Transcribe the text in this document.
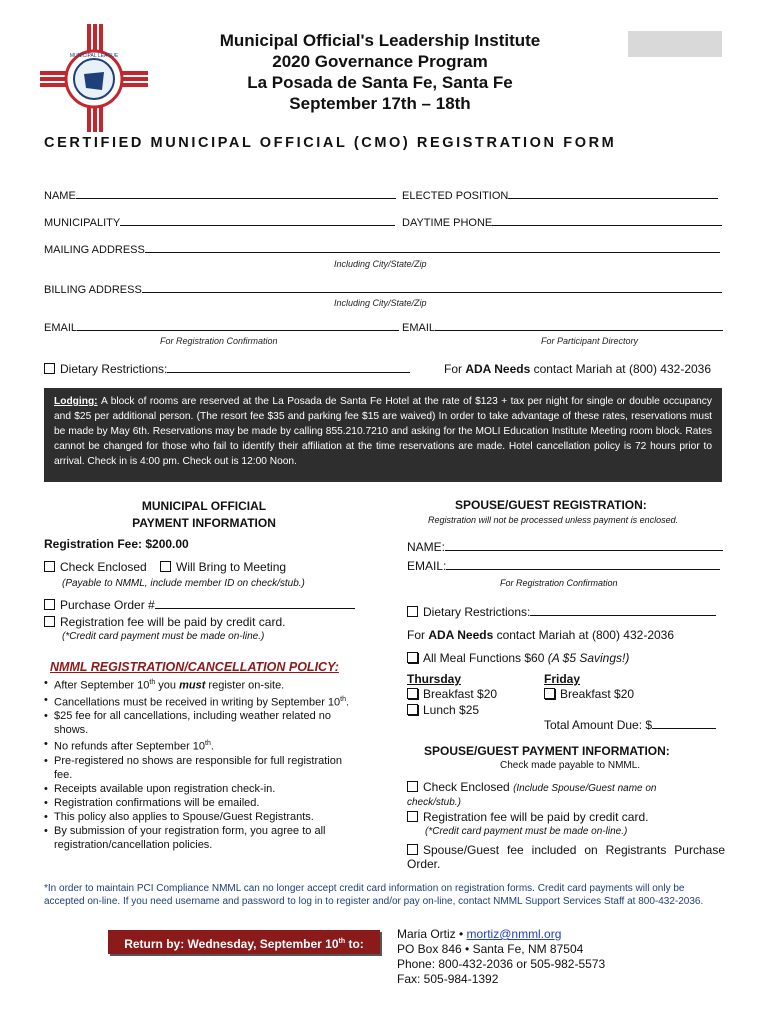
MUNICIPAL LEAGUE
Municipal Official's Leadership Institute
2020 Governance Program
La Posada de Santa Fe, Santa Fe
September 17th – 18th
CERTIFIED MUNICIPAL OFFICIAL (CMO) REGISTRATION FORM
NAME	ELECTED POSITION
MUNICIPALITY	DAYTIME PHONE
MAILING ADDRESS
Including City/State/Zip
BILLING ADDRESS
Including City/State/Zip
EMAIL
For Registration Confirmation
EMAIL
For Participant Directory
Dietary Restrictions:	For ADA Needs contact Mariah at (800) 432-2036
Lodging: A block of rooms are reserved at the La Posada de Santa Fe Hotel at the rate of $123 + tax per night for single or double occupancy and $25 per additional person. (The resort fee $35 and parking fee $15 are waived) In order to take advantage of these rates, reservations must be made by May 6th. Reservations may be made by calling 855.210.7210 and asking for the MOLI Education Institute Meeting room block. Rates cannot be changed for those who fail to identify their affiliation at the time reservations are made. Hotel cancellation policy is 72 hours prior to arrival. Check in is 4:00 pm. Check out is 12:00 Noon.
MUNICIPAL OFFICIAL
PAYMENT INFORMATION
Registration Fee: $200.00
Check Enclosed	Will Bring to Meeting
(Payable to NMML, include member ID on check/stub.)
Purchase Order #
Registration fee will be paid by credit card.
(*Credit card payment must be made on-line.)
NMML REGISTRATION/CANCELLATION POLICY:
• After September 10th you must register on-site.
• Cancellations must be received in writing by September 10th.
• $25 fee for all cancellations, including weather related no shows.
• No refunds after September 10th.
• Pre-registered no shows are responsible for full registration fee.
• Receipts available upon registration check-in.
• Registration confirmations will be emailed.
• This policy also applies to Spouse/Guest Registrants.
• By submission of your registration form, you agree to all registration/cancellation policies.
SPOUSE/GUEST REGISTRATION:
Registration will not be processed unless payment is enclosed.
NAME:
EMAIL:
For Registration Confirmation
Dietary Restrictions:
For ADA Needs contact Mariah at (800) 432-2036
All Meal Functions $60 (A $5 Savings!)
Thursday	Friday
Breakfast $20	Breakfast $20
Lunch $25
Total Amount Due: $
SPOUSE/GUEST PAYMENT INFORMATION:
Check made payable to NMML.
Check Enclosed (Include Spouse/Guest name on check/stub.)
Registration fee will be paid by credit card.
(*Credit card payment must be made on-line.)
Spouse/Guest fee included on Registrants Purchase Order.
*In order to maintain PCI Compliance NMML can no longer accept credit card information on registration forms. Credit card payments will only be accepted on-line. If you need username and password to log in to register and/or pay on-line, contact NMML Support Services Staff at 800-432-2036.
Return by: Wednesday, September 10th to:
Maria Ortiz • mortiz@nmml.org
PO Box 846 • Santa Fe, NM 87504
Phone: 800-432-2036 or 505-982-5573
Fax: 505-984-1392
